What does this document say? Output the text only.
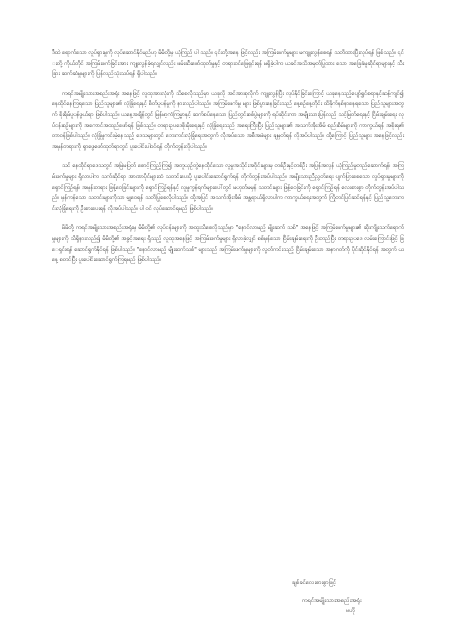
ဒီထဲ ရောက်သော လူပ်ရှားမှုကို လုပ်ဆောင်နိုင်မည်ဟု မိမိတို့မှ ယုံကြည် ပါ သည်။ ၎င်းတို့အနေ ဖြင့်လည်း အကြမ်းဖက်မှုများ မကျူးလွန်စေရန် သတိထားပြီးလုပ်ရန် ဖြစ်သည်။ ၎င်းတို့ ကိုယ်တိုင် အကြမ်းဖက်ခြင်းအား ကျူးလွန်ခဲ့ရလျှင်လည်း ဖမ်းဆီးဖော်ထုတ်မှုနှင့် တရားဝင်ဖြေရှင်းရန် မရှိခဲ့ပါက ယခင်အသိအမှတ်ပြုထား သော အခြေခံမူဆိုင်ရာများနှင့် သီးခြား ဆက်ဆံမှုများကို ပြန်လည်သုံးသပ်ရန် ရှိပါသည်။

ကရင်အမျိုးသားအစည်းအရုံး အနေဖြင့် လူထုအားလုံးကို သိစေလိုသည်မှာ ယခုလို အင်အားစုလိုက် ကျူးလွန်ပြီး လုပ်နိုင်ခြင်းကြောင့် ယခုနေသည့်ပျော်ရွှင်စရာနှင့်ဆန့်ကျင်၍ နေထိုင်နေကြရသော ပြည်သူများ၏ လုံခြုံရေးနှင့် စိတ်ပူပန်မှုကို နားလည်ပါသည်။ အကြမ်းဖက်မှု များ ဖြစ်ပွားနေခြင်းသည် နေ့စဉ်နေ့တိုင်း ထိခိုက်နစ်နာနေရသော ပြည်သူများအတွက် စိုးရိမ်ပူပန်ဖွယ်ရာ ဖြစ်ပါသည်။ ယနေ့အချိန်တွင် မြန်မာ့ကံကြမ္မာနှင့် ဆက်စပ်နေသော ပြည်တွင်းစစ်ပွဲများကို ရပ်ဆိုင်းကာ အမျိုးသားပြန်လည် သင့်မြတ်ရေးနှင့် ငြိမ်းချမ်းရေး လုပ်ငန်းစဉ်များကို အကောင်အထည်ဖော်ရန် ဖြစ်သည်။ တရားဥပဒေစိုးမိုးရေးနှင့် လုံခြုံရေးသည် အရေးကြီးပြီး ပြည်သူများ၏ အသက်အိုးအိမ် စည်းစိမ်များကို ကာကွယ်ရန် အစိုးရ၏ တာဝန်ဖြစ်ပါသည်။ လုံခြုံမှုကင်းမဲ့နေသည့် ဒေသများတွင် ဘေးကင်းလုံခြုံရေးအတွက် လိုအပ်သော အစီအမံများ ချမှတ်ရန် လိုအပ်ပါသည်။ ထို့ကြောင့် ပြည်သူများ အနေဖြင့်လည်း အမှန်တရားကို ရှာဖွေဖော်ထုတ်ရာတွင် ပူးပေါင်းပါဝင်ရန် တိုက်တွန်းလိုပါသည်။

သင် နေထိုင်ရာဒေသတွင် အမြဲမပြတ် စောင့်ကြည့်ကြ၍ အတူယှဉ်တွဲနေထိုင်သော လူမှုအသိုင်းအဝိုင်းများမှ တစ်ဦးနှင့်တစ်ဦး အပြန်အလှန် ယုံကြည်မှုတည်ဆောက်ရန်၊ အကြမ်းဖက်မှုများ ရှိလာပါက သက်ဆိုင်ရာ အာဏာပိုင်များထံ သတင်းပေးပို့ ပူးပေါင်းဆောင်ရွက်ရန် တိုက်တွန်းအပ်ပါသည်။ အမျိုးသားညီညွတ်ရေး ပျက်ပြားစေသော လှုပ်ရှားမှုများကို ရှောင်ကြဉ်ရန်၊ အမုန်းတရား ဖြန့်ဝေခြင်းများကို ရှောင်ကြဉ်ရန်နှင့် လူမှုကွန်ရက်များပေါ်တွင် မဟုတ်မမှန် သတင်းများ ဖြန့်ဝေခြင်းကို ရှောင်ကြဉ်ရန် လေးစားစွာ တိုက်တွန်းအပ်ပါသည်။ မှန်ကန်သော သတင်းများကိုသာ မျှဝေရန် သတိပြုစေလိုပါသည်။ ထို့အပြင် အသက်အိုးအိမ် အန္တရာယ်ရှိလာပါက ကာကွယ်ရေးအတွက် ကြိုတင်ပြင်ဆင်ရန်နှင့် ပြည်သူ့ဘေးကင်းလုံခြုံရေးကို ဦးစားပေးရန် လိုအပ်ပါသည်။ ပါ ဝင် လုပ်ဆောင်ရမည် ဖြစ်ပါသည်။

မိမိတို့ ကရင်အမျိုးသားအစည်းအရုံးမှ မိမိတို့၏ လုပ်ငန်းများကို အထူးသိစေလိုသည်မှာ "နောင်လာမည့် မျိုးဆက် သစ်" အနေဖြင့် အကြမ်းဖက်မှုများ၏ ဆိုးကျိုးသက်ရောက်မှုများကို သိရှိနားလည်၍ မိမိတို့၏ အခွင့်အရေး ရှိသည့် လူထုအနေဖြင့် အကြမ်းဖက်မှုများ ရှိလာခဲ့လျှင် စစ်မှန်သော ငြိမ်းချမ်းရေးကို ဦးတည်ပြီး တရားဥပဒေ လမ်းကြောင်းဖြင့် ဖြေရှင်းရန် ဆောင်ရွက်နိုင်ရန် ဖြစ်ပါသည်။ "နောင်လာမည့် မျိုးဆက်သစ်" များသည် အကြမ်းဖက်မှုများကို လွတ်ကင်းသည့် ငြိမ်းချမ်းသော အနာဂတ်ကို ပိုင်ဆိုင်နိုင်ရန် အတွက် ယနေ့ စတင်ပြီး ပူးပေါင်းဆောင်ရွက်ကြရမည် ဖြစ်ပါသည်။

ချစ်ခင်လေးစားစွာဖြင့်
ကရင်အမျိုးသားအစည်းအရုံး
ဗဟို
